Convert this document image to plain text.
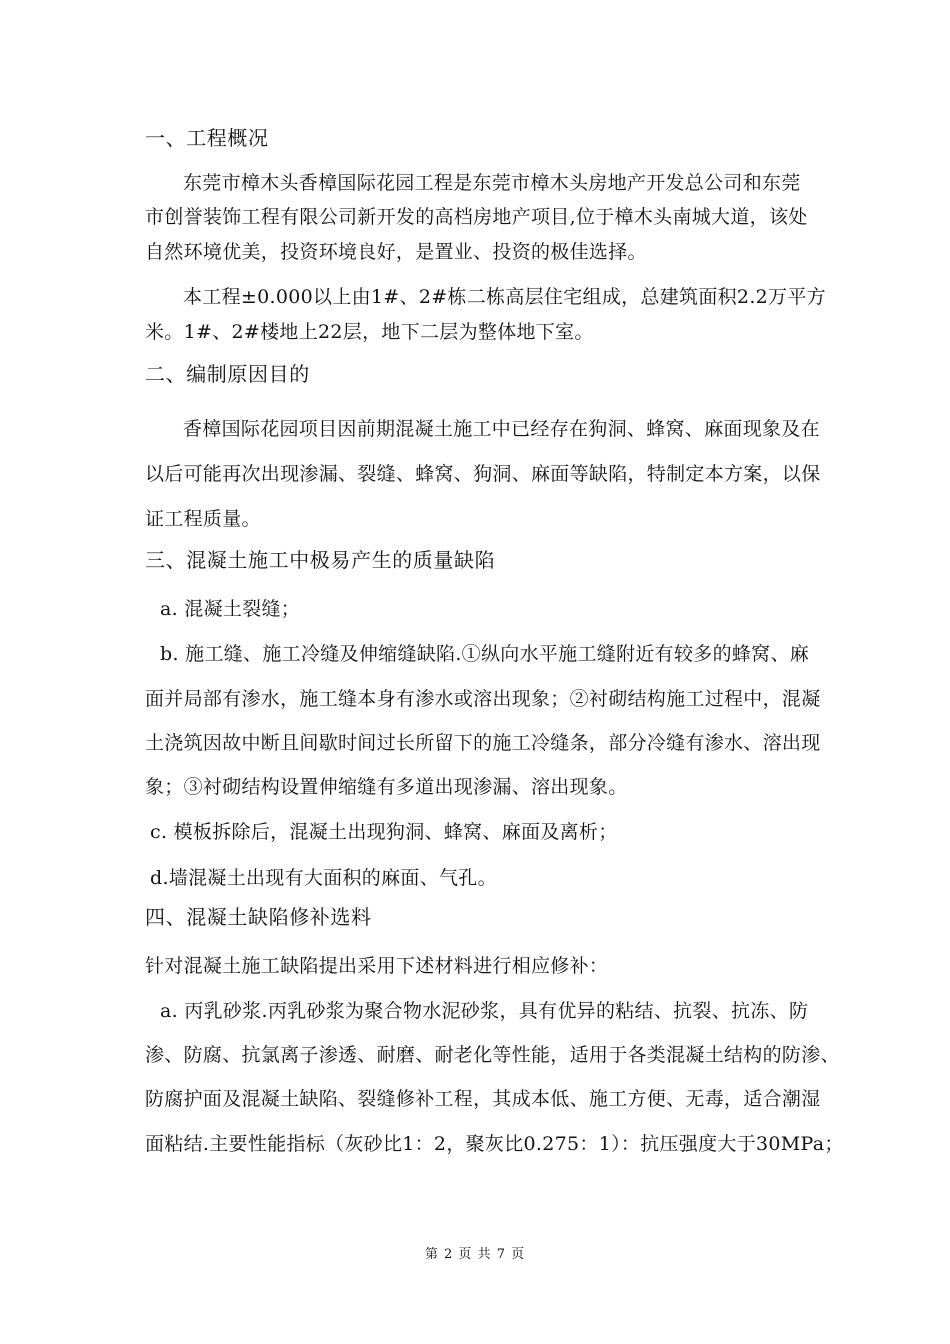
一、工程概况
东莞市樟木头香樟国际花园工程是东莞市樟木头房地产开发总公司和东莞
市创誉装饰工程有限公司新开发的高档房地产项目,位于樟木头南城大道，该处
自然环境优美，投资环境良好，是置业、投资的极佳选择。
本工程±0.000以上由1#、2#栋二栋高层住宅组成，总建筑面积2.2万平方
米。1#、2#楼地上22层，地下二层为整体地下室。
二、编制原因目的
香樟国际花园项目因前期混凝土施工中已经存在狗洞、蜂窝、麻面现象及在
以后可能再次出现渗漏、裂缝、蜂窝、狗洞、麻面等缺陷，特制定本方案，以保
证工程质量。
三、混凝土施工中极易产生的质量缺陷
a. 混凝土裂缝；
b. 施工缝、施工冷缝及伸缩缝缺陷.①纵向水平施工缝附近有较多的蜂窝、麻
面并局部有渗水，施工缝本身有渗水或溶出现象；②衬砌结构施工过程中，混凝
土浇筑因故中断且间歇时间过长所留下的施工冷缝条，部分冷缝有渗水、溶出现
象；③衬砌结构设置伸缩缝有多道出现渗漏、溶出现象。
c. 模板拆除后，混凝土出现狗洞、蜂窝、麻面及离析；
d.墙混凝土出现有大面积的麻面、气孔。
四、混凝土缺陷修补选料
针对混凝土施工缺陷提出采用下述材料进行相应修补：
a. 丙乳砂浆.丙乳砂浆为聚合物水泥砂浆，具有优异的粘结、抗裂、抗冻、防
渗、防腐、抗氯离子渗透、耐磨、耐老化等性能，适用于各类混凝土结构的防渗、
防腐护面及混凝土缺陷、裂缝修补工程，其成本低、施工方便、无毒，适合潮湿
面粘结.主要性能指标（灰砂比1：2，聚灰比0.275：1）：抗压强度大于30MPa；
第 2 页 共 7 页
